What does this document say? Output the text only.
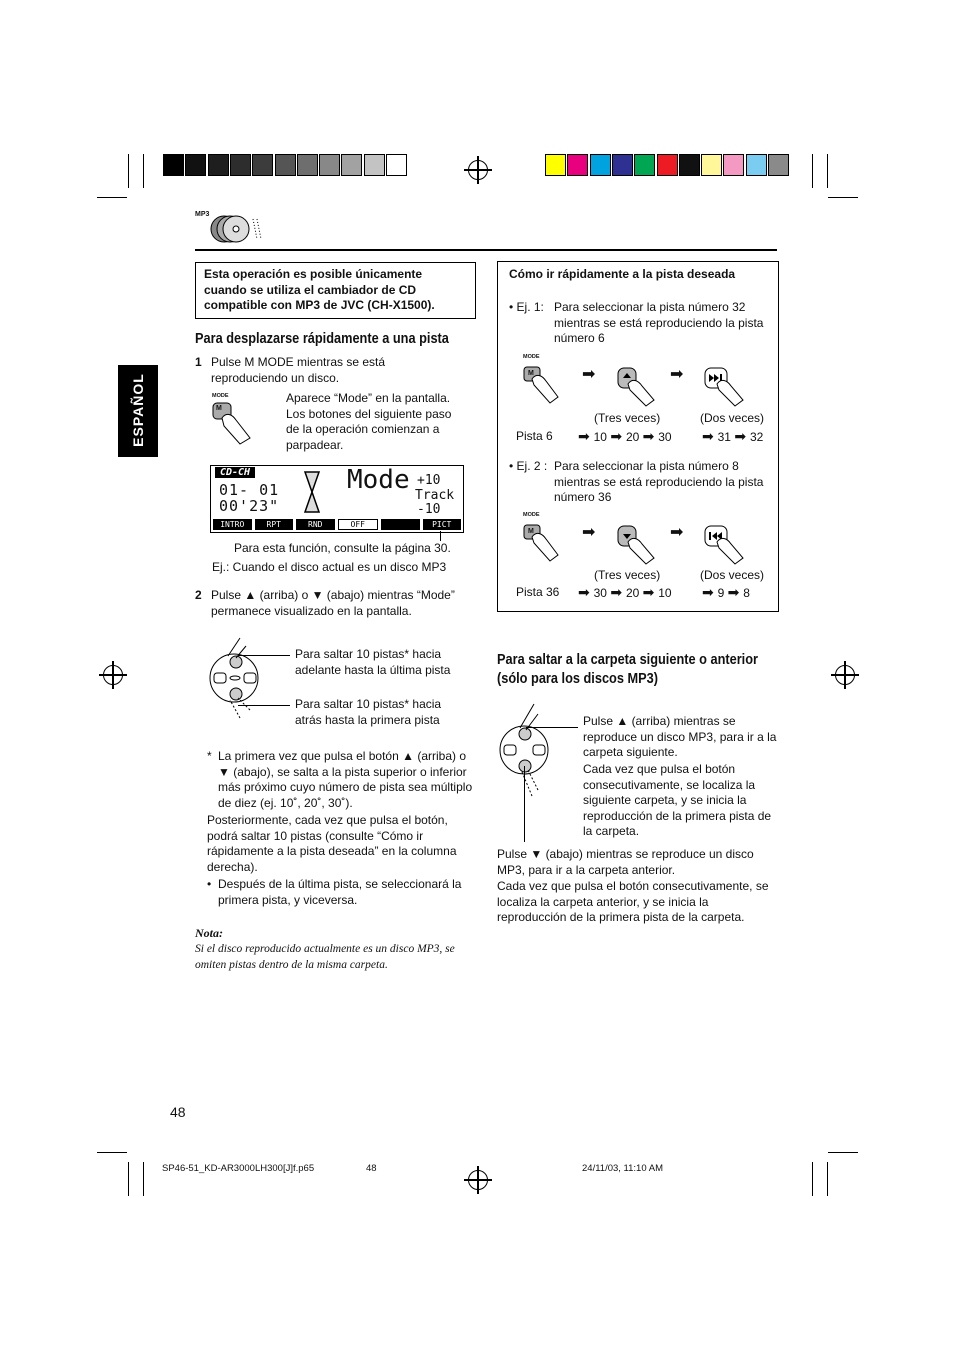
MP3
ESPAÑOL
Esta operación es posible únicamente cuando se utiliza el cambiador de CD compatible con MP3 de JVC (CH-X1500).
Para desplazarse rápidamente a una pista
1 Pulse M MODE mientras se está reproduciendo un disco.
MODE
M
Aparece “Mode” en la pantalla. Los botones del siguiente paso de la operación comienzan a parpadear.
CD-CH
01- 01
00'23"
Mode +10
Track
-10
INTRO	RPT	RND	OFF	PICT
Para esta función, consulte la página 30.
Ej.: Cuando el disco actual es un disco MP3
2 Pulse ▲ (arriba) o ▼ (abajo) mientras “Mode” permanece visualizado en la pantalla.
Para saltar 10 pistas* hacia adelante hasta la última pista
Para saltar 10 pistas* hacia atrás hasta la primera pista
* La primera vez que pulsa el botón ▲ (arriba) o ▼ (abajo), se salta a la pista superior o inferior más próximo cuyo número de pista sea múltiplo de diez (ej. 10˚, 20˚, 30˚).
Posteriormente, cada vez que pulsa el botón, podrá saltar 10 pistas (consulte “Cómo ir rápidamente a la pista deseada” en la columna derecha).
• Después de la última pista, se seleccionará la primera pista, y viceversa.
Nota:
Si el disco reproducido actualmente es un disco MP3, se omiten pistas dentro de la misma carpeta.
Cómo ir rápidamente a la pista deseada
• Ej. 1: Para seleccionar la pista número 32 mientras se está reproduciendo la pista número 6
MODE
M	➡	➡
(Tres veces)	(Dos veces)
Pista 6 ➡ 10 ➡ 20 ➡ 30 ➡ 31 ➡ 32
• Ej. 2 : Para seleccionar la pista número 8 mientras se está reproduciendo la pista número 36
MODE
M	➡	➡
(Tres veces)	(Dos veces)
Pista 36 ➡ 30 ➡ 20 ➡ 10 ➡ 9 ➡ 8
Para saltar a la carpeta siguiente o anterior (sólo para los discos MP3)
Pulse ▲ (arriba) mientras se reproduce un disco MP3, para ir a la carpeta siguiente.
Cada vez que pulsa el botón consecutivamente, se localiza la siguiente carpeta, y se inicia la reproducción de la primera pista de la carpeta.
Pulse ▼ (abajo) mientras se reproduce un disco MP3, para ir a la carpeta anterior.
Cada vez que pulsa el botón consecutivamente, se localiza la carpeta anterior, y se inicia la reproducción de la primera pista de la carpeta.
48
SP46-51_KD-AR3000LH300[J]f.p65	48	24/11/03, 11:10 AM
